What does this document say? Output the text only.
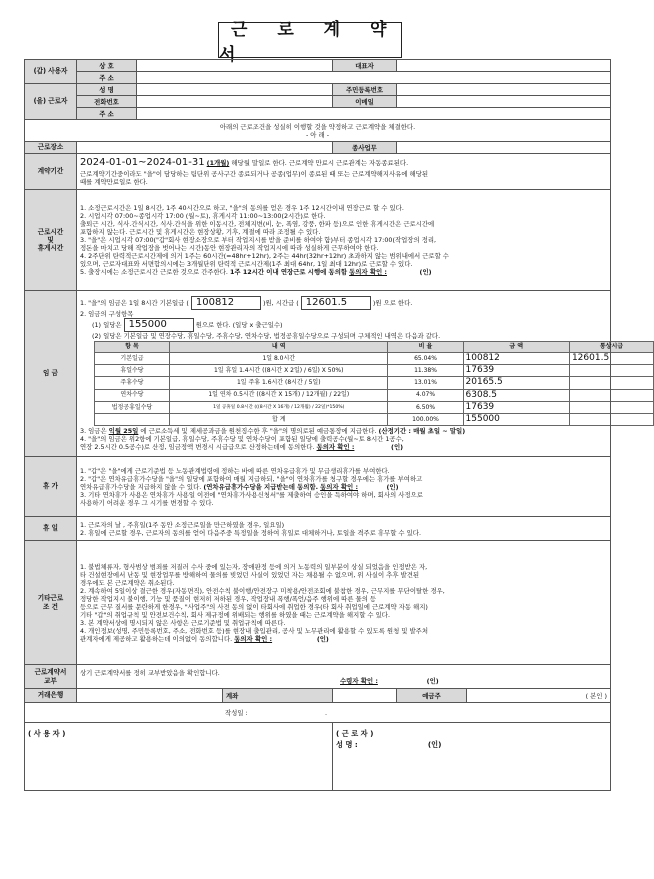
근 로 계 약 서
(갑) 사용자	상 호		대표자	
주 소	
(을) 근로자	성 명		주민등록번호	
전화번호		이메일	
주 소	

아래의 근로조건을 성실히 이행할 것을 약정하고 근로계약을 체결한다.
- 아 래 -

근로장소		종사업무	
계약기간	
2024-01-01~2024-01-31 (1개월) 해당월 말일로 한다. 근로계약 만료시 근로관계는 자동종료된다.
근로계약기간중이라도 "을"이 담당하는 팀단위 공사구간 종료되거나 공종(업무)이 종료된 때 또는 근로계약해지사유에 해당된
때를 계약만료일로 한다.

근로시간
및
휴게시간

1. 소정근로시간은 1일 8시간, 1주 40시간으로 하고, "을"의 동의를 얻은 경우 1주 12시간이내 연장근로 할 수 있다.
2. 시업시각 07:00~종업시각 17:00 (월~토), 휴게시각 11:00~13:00(2시간)로 한다.
출퇴근 시간, 식사.간식시간, 식사.간식을 위한 이동시간, 전체지변(비, 눈, 폭염, 강풍, 한파 등)으로 인한 휴게시간은 근로시간에
포함하지 않는다. 근로시간 및 휴게시간은 현장상황, 기후, 계절에 따라 조정될 수 있다.
3. "을"은 시업시각 07:00("갑"회사 현장소장으로 부터 작업지시를 받을 준비를 하여야 함)부터 종업시각 17:00(작업장의 정리,
정돈을 마치고 당해 작업장을 벗어나는 시간)동안 현장관리자의 작업지시에 따라 성실하게 근무하여야 한다.
4. 2주단위 탄력적근로시간제에 의거 1주는 60시간(=48hr+12hr), 2주는 44hr(32hr+12hr) 초과하지 않는 범위내에서 근로할 수
있으며, 근로자대표와 서면합의시에는 3개월단위 탄력적 근로시간제(1주 최대 64hr, 1일 최대 12hr)로 근로할 수 있다.
5. 출장시에는 소정근로시간 근로한 것으로 간주한다. 1주 12시간 이내 연장근로 시행에 동의함 동의자 확인 :	(인)

임 금	
1. "을"의 임금은 1일 8시간 기본일급 ( 100812	)원, 시간급 ( 12601.5	)원 으로 한다.
2. 임금의 구성항목
(1) 일당은 155000	원으로 한다. (일당 x 출근일수)
(2) 일당은 기본일급 및 연장수당, 휴일수당, 주휴수당, 연차수당, 법정공휴일수당으로 구성되며 구체적인 내역은 다음과 같다.
항 목	내 역	비 율	금 액	통상시급
기본일급	1일 8.0시간	65.04%	100812	12601.5
휴일수당	1일 휴일 1.4시간 ((8시간 X 2일) / 6일) X 50%)	11.38%	17639	
주휴수당	1일 주휴 1.6시간 (8시간 / 5일)	13.01%	20165.5	
연차수당	1일 연차 0.5시간 ((8시간 X 15개) / 12개월) / 22일)	4.07%	6308.5	
법정공휴일수당	1일 공휴일 0.8시간 (((8시간 X 16개) / 12개월) / 22일)*150%)	6.50%	17639	
	합 계	100.00%	155000	
3. 임금은 익월 25일 에 근로소득세 및 제세공과금을 원천징수한 후 "을"의 명의로된 예금통장에 지급한다. (산정기간 : 매월 초일 ~ 말일)
4. "을"의 임금은 위2항에 기본일급, 휴일수당, 주휴수당 및 연차수당이 포함된 일당에 출력공수(월~토 8시간 1공수,
연장 2.5시간 0.5공수)로 산정, 임금정액 변경시 시급급으로 산정하는데에 동의한다. 동의자 확인 :	(인)

휴 가	
1. "갑"은 "을"에게 근로기준법 등 노동관계법령에 정하는 바에 따른 연차유급휴가 및 무급생리휴가를 부여한다.
2. "갑"은 연차유급휴가수당을 "을"의 일당에 포함하여 매월 지급하되, "을"이 연차휴가를 청구할 경우에는 휴가를 부여하고
연차유급휴가수당을 지급하지 않을 수 있다. (연차유급휴가수당을 지급받는데 동의함. 동의자 확인 :	(인)
3. 기타 연차휴가 사용은 연차휴가 사용일 이전에 "연차휴가사용신청서"를 제출하여 승인을 득하여야 하며, 회사의 사정으로
사용하기 어려운 경우 그 시기를 변경할 수 있다.

휴 일	1. 근로자의 날 , 주휴일(1주 동안 소정근로일을 만근하였을 경우, 일요일)
2. 휴일에 근로할 경우, 근로자의 동의를 얻어 다음주중 특정일을 정하여 휴일로 대체하거나, 토일을 격주로 휴무할 수 있다.

기타근로
조 건

1. 불법체류자, 형사범상 범죄를 저질러 수사 중에 있는자, 장애판정 등에 의거 노동력의 일부분이 상실 되었음을 인정받은 자,
타 건설현장에서 난동 및 현장업무를 방해하여 물의를 빚었던 사실이 있었던 자는 채용될 수 없으며, 위 사실이 추후 발견된
경우에도 본 근로계약은 취소된다.
2. 계속하여 5일이상 결근한 경우(자동면직), 안전수칙 불이행/안전장구 미착용/안전조회에 불참한 경우, 근무지를 무단이탈한 경우,
정당한 작업지시 불이행, 기능 및 품질이 현저히 저하된 경우, 작업장내 폭행/폭언/음주 행위에 따른 물의 등
등으로 근무 질서를 문란하게 한경우, "사업주"의 사전 동의 없이 타회사에 취업한 경우(타 회사 취업일에 근로계약 자동 해지)
기타 "갑"의 취업규칙 및 안전보건수칙, 회사 제규정에 위배되는 행위를 하였을 때는 근로계약을 해지할 수 있다.
3. 본 계약서상에 명시되지 않은 사항은 근로기준법 및 취업규칙에 따른다.
4. 개인정보(성명, 주민등록번호, 주소, 전화번호 등)를 현장내 출입관리, 공사 및 노무관리에 활용할 수 있도록 원청 및 발주처
관계자에게 제공하고 활용하는데 이의없이 동의합니다. 동의자 확인 :	(인)

근로계약서
교부

상기 근로계약서를 정히 교부받았음을 확인합니다.
수령자 확인 :	(인)

거래은행		계좌		예금주	( 본인 )
작성일 :	.
( 사 용 자 )	( 근 로 자 )
성 명 :	(인)
